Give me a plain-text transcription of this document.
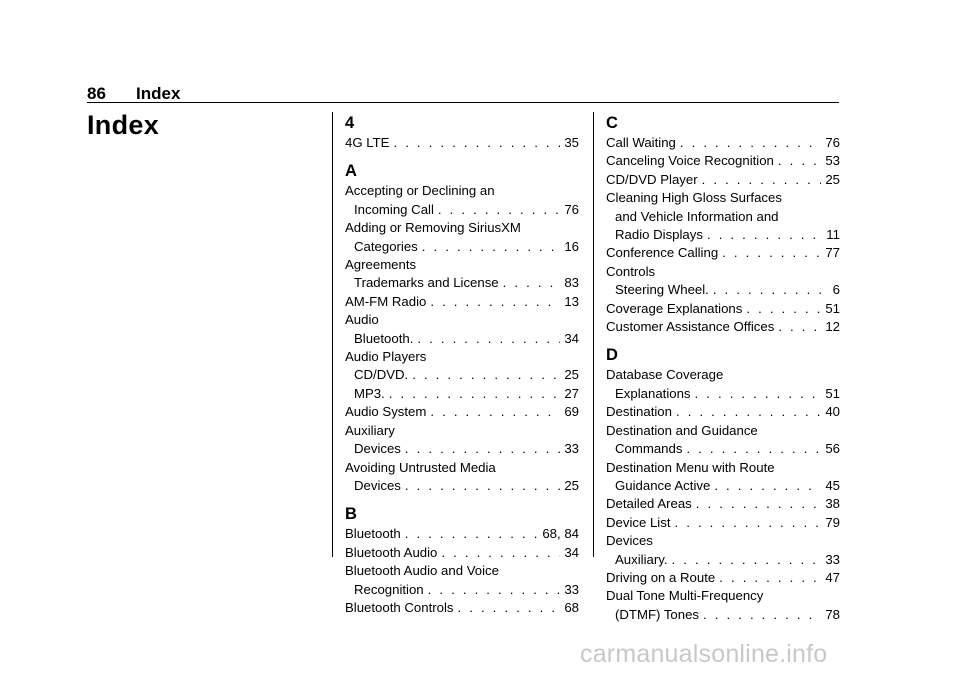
86 Index
Index	4
4G LTE . . .	35
A
Accepting or Declining an
Incoming Call . . .	76
Adding or Removing SiriusXM
Categories . . .	16
Agreements
Trademarks and License . . .	83
AM-FM Radio . . .	13
Audio
Bluetooth. . . .	34
Audio Players
CD/DVD. . . .	25
MP3. . . .	27
Audio System . . .	69
Auxiliary
Devices . . .	33
Avoiding Untrusted Media
Devices . . .	25
B
Bluetooth . . .	68, 84
Bluetooth Audio . . .	34
Bluetooth Audio and Voice
Recognition . . .	33
Bluetooth Controls . . .	68
C
Call Waiting . . .	76
Canceling Voice Recognition . . .	53
CD/DVD Player . . .	25
Cleaning High Gloss Surfaces
and Vehicle Information and
Radio Displays . . .	11
Conference Calling . . .	77
Controls
Steering Wheel. . . .	6
Coverage Explanations . . .	51
Customer Assistance Offices . . .	12
D
Database Coverage
Explanations . . .	51
Destination . . .	40
Destination and Guidance
Commands . . .	56
Destination Menu with Route
Guidance Active . . .	45
Detailed Areas . . .	38
Device List . . .	79
Devices
Auxiliary. . . .	33
Driving on a Route . . .	47
Dual Tone Multi-Frequency
(DTMF) Tones . . .	78
carmanualsonline.info
